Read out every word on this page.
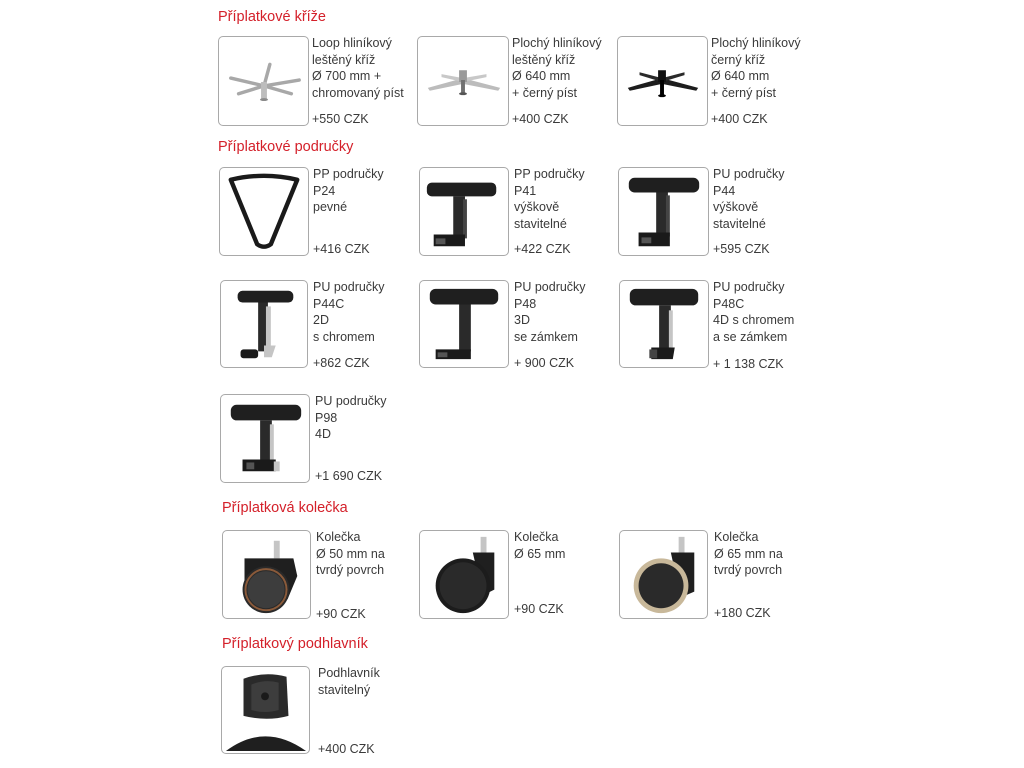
Příplatkové kříže
Příplatkové područky
Příplatková kolečka
Příplatkový podhlavník
Loop hliníkový
leštěný kříž
Ø 700 mm +
chromovaný píst
+550 CZK
Plochý hliníkový
leštěný kříž
Ø 640 mm
+ černý píst
+400 CZK
Plochý hliníkový
černý kříž
Ø 640 mm
+ černý píst
+400 CZK
PP područky
P24
pevné
+416 CZK
PP područky
P41
výškově
stavitelné
+422 CZK
PU područky
P44
výškově
stavitelné
+595 CZK
PU područky
P44C
2D
s chromem
+862 CZK
PU područky
P48
3D
se zámkem
+ 900 CZK
PU područky
P48C
4D s chromem
a se zámkem
+ 1 138 CZK
PU područky
P98
4D
+1 690 CZK
Kolečka
Ø 50 mm na
tvrdý povrch
+90 CZK
Kolečka
Ø 65 mm
+90 CZK
Kolečka
Ø 65 mm na
tvrdý povrch
+180 CZK
Podhlavník
stavitelný
+400 CZK
